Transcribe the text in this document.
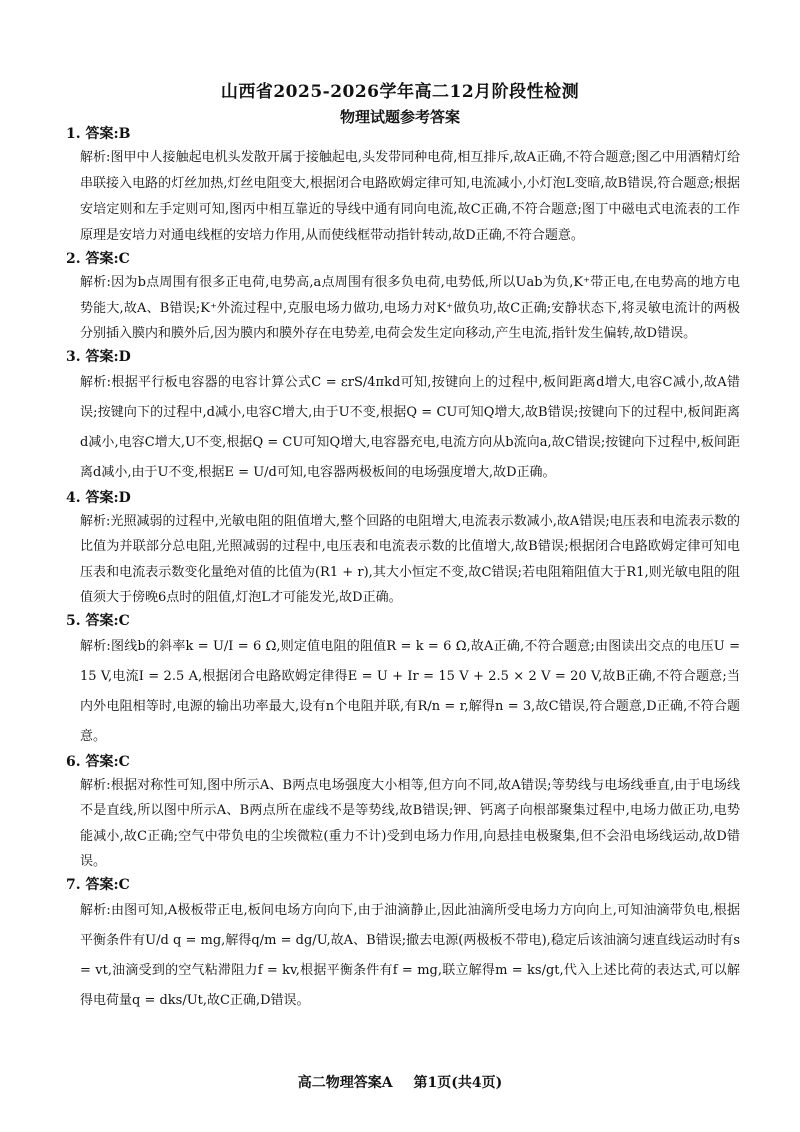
山西省2025-2026学年高二12月阶段性检测
物理试题参考答案

1. 答案:B

解析:图甲中人接触起电机头发散开属于接触起电,头发带同种电荷,相互排斥,故A正确,不符合题意;图乙中用酒精灯给串联接入电路的灯丝加热,灯丝电阻变大,根据闭合电路欧姆定律可知,电流减小,小灯泡L变暗,故B错误,符合题意;根据安培定则和左手定则可知,图丙中相互靠近的导线中通有同向电流,故C正确,不符合题意;图丁中磁电式电流表的工作原理是安培力对通电线框的安培力作用,从而使线框带动指针转动,故D正确,不符合题意。

2. 答案:C

解析:因为b点周围有很多正电荷,电势高,a点周围有很多负电荷,电势低,所以Uab为负,K⁺带正电,在电势高的地方电势能大,故A、B错误;K⁺外流过程中,克服电场力做功,电场力对K⁺做负功,故C正确;安静状态下,将灵敏电流计的两极分别插入膜内和膜外后,因为膜内和膜外存在电势差,电荷会发生定向移动,产生电流,指针发生偏转,故D错误。

3. 答案:D

解析:根据平行板电容器的电容计算公式C = εrS/4πkd可知,按键向上的过程中,板间距离d增大,电容C减小,故A错误;按键向下的过程中,d减小,电容C增大,由于U不变,根据Q = CU可知Q增大,故B错误;按键向下的过程中,板间距离d减小,电容C增大,U不变,根据Q = CU可知Q增大,电容器充电,电流方向从b流向a,故C错误;按键向下过程中,板间距离d减小,由于U不变,根据E = U/d可知,电容器两极板间的电场强度增大,故D正确。

4. 答案:D

解析:光照减弱的过程中,光敏电阻的阻值增大,整个回路的电阻增大,电流表示数减小,故A错误;电压表和电流表示数的比值为并联部分总电阻,光照减弱的过程中,电压表和电流表示数的比值增大,故B错误;根据闭合电路欧姆定律可知电压表和电流表示数变化量绝对值的比值为(R1 + r),其大小恒定不变,故C错误;若电阻箱阻值大于R1,则光敏电阻的阻值须大于傍晚6点时的阻值,灯泡L才可能发光,故D正确。

5. 答案:C

解析:图线b的斜率k = U/I = 6 Ω,则定值电阻的阻值R = k = 6 Ω,故A正确,不符合题意;由图读出交点的电压U = 15 V,电流I = 2.5 A,根据闭合电路欧姆定律得E = U + Ir = 15 V + 2.5 × 2 V = 20 V,故B正确,不符合题意;当内外电阻相等时,电源的输出功率最大,设有n个电阻并联,有R/n = r,解得n = 3,故C错误,符合题意,D正确,不符合题意。

6. 答案:C

解析:根据对称性可知,图中所示A、B两点电场强度大小相等,但方向不同,故A错误;等势线与电场线垂直,由于电场线不是直线,所以图中所示A、B两点所在虚线不是等势线,故B错误;钾、钙离子向根部聚集过程中,电场力做正功,电势能减小,故C正确;空气中带负电的尘埃微粒(重力不计)受到电场力作用,向悬挂电极聚集,但不会沿电场线运动,故D错误。

7. 答案:C

解析:由图可知,A极板带正电,板间电场方向向下,由于油滴静止,因此油滴所受电场力方向向上,可知油滴带负电,根据平衡条件有U/d q = mg,解得q/m = dg/U,故A、B错误;撤去电源(两极板不带电),稳定后该油滴匀速直线运动时有s = vt,油滴受到的空气粘滞阻力f = kv,根据平衡条件有f = mg,联立解得m = ks/gt,代入上述比荷的表达式,可以解得电荷量q = dks/Ut,故C正确,D错误。

高二物理答案A 第1页(共4页)
